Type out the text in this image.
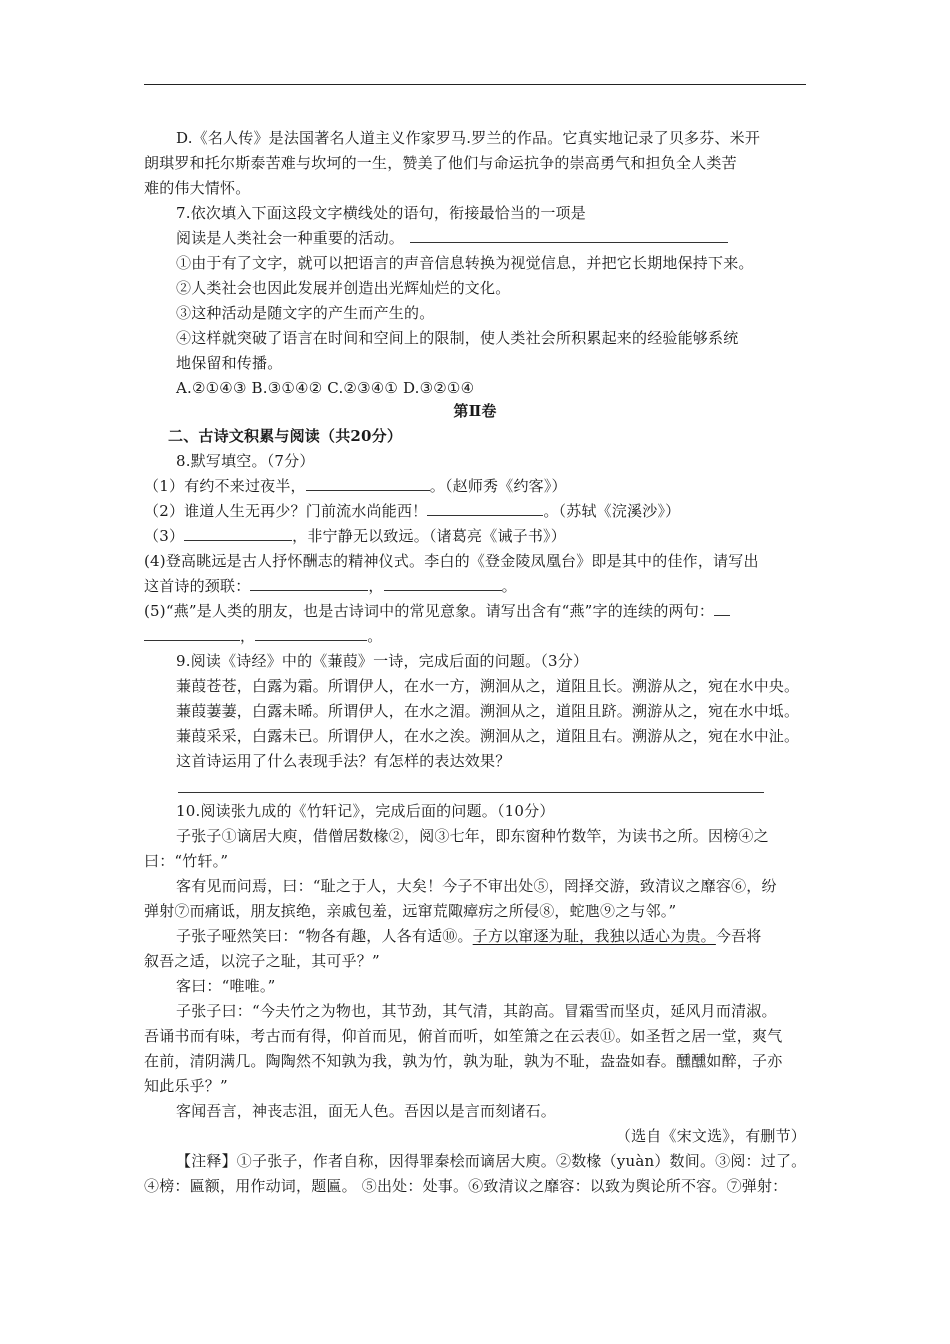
D.《名人传》是法国著名人道主义作家罗马.罗兰的作品。它真实地记录了贝多芬、米开
朗琪罗和托尔斯泰苦难与坎坷的一生，赞美了他们与命运抗争的崇高勇气和担负全人类苦
难的伟大情怀。
7.依次填入下面这段文字横线处的语句，衔接最恰当的一项是
阅读是人类社会一种重要的活动。
①由于有了文字，就可以把语言的声音信息转换为视觉信息，并把它长期地保持下来。
②人类社会也因此发展并创造出光辉灿烂的文化。
③这种活动是随文字的产生而产生的。
④这样就突破了语言在时间和空间上的限制，使人类社会所积累起来的经验能够系统
地保留和传播。
A.②①④③ B.③①④② C.②③④① D.③②①④
第Ⅱ卷
二、古诗文积累与阅读（共20分）
8.默写填空。（7分）
（1）有约不来过夜半，	。（赵师秀《约客》）
（2）谁道人生无再少？门前流水尚能西！	。（苏轼《浣溪沙》）
（3）	，非宁静无以致远。（诸葛亮《诫子书》）
(4)登高眺远是古人抒怀酬志的精神仪式。李白的《登金陵凤凰台》即是其中的佳作，请写出
这首诗的颈联：	，	。
(5)“燕”是人类的朋友，也是古诗词中的常见意象。请写出含有“燕”字的连续的两句：
，	。
9.阅读《诗经》中的《蒹葭》一诗，完成后面的问题。（3分）
蒹葭苍苍，白露为霜。所谓伊人，在水一方，溯洄从之，道阻且长。溯游从之，宛在水中央。
蒹葭萋萋，白露未晞。所谓伊人，在水之湄。溯洄从之，道阻且跻。溯游从之，宛在水中坻。
蒹葭采采，白露未已。所谓伊人，在水之涘。溯洄从之，道阻且右。溯游从之，宛在水中沚。
这首诗运用了什么表现手法？有怎样的表达效果？
10.阅读张九成的《竹轩记》，完成后面的问题。（10分）
子张子①谪居大庾，借僧居数椽②，阅③七年，即东窗种竹数竿，为读书之所。因榜④之
曰：“竹轩。”
客有见而问焉，曰：“耻之于人，大矣！今子不审出处⑤，罔择交游，致清议之靡容⑥，纷
弹射⑦而痛诋，朋友摈绝，亲戚包羞，远窜荒陬瘴疠之所侵⑧，蛇虺⑨之与邻。”
子张子哑然笑曰：“物各有趣，人各有适⑩。子方以窜逐为耻，我独以适心为贵。今吾将
叙吾之适，以浣子之耻，其可乎？”
客曰：“唯唯。”
子张子曰：“今夫竹之为物也，其节劲，其气清，其韵高。冒霜雪而坚贞，延风月而清淑。
吾诵书而有味，考古而有得，仰首而见，俯首而听，如笙箫之在云表⑪。如圣哲之居一堂，爽气
在前，清阴满几。陶陶然不知孰为我，孰为竹，孰为耻，孰为不耻，盎盎如春。醺醺如醉，子亦
知此乐乎？”
客闻吾言，神丧志沮，面无人色。吾因以是言而刻诸石。
（选自《宋文选》，有删节）
【注释】①子张子，作者自称，因得罪秦桧而谪居大庾。②数椽（yuàn）数间。③阅：过了。
④榜：匾额，用作动词，题匾。 ⑤出处：处事。⑥致清议之靡容：以致为舆论所不容。⑦弹射：
